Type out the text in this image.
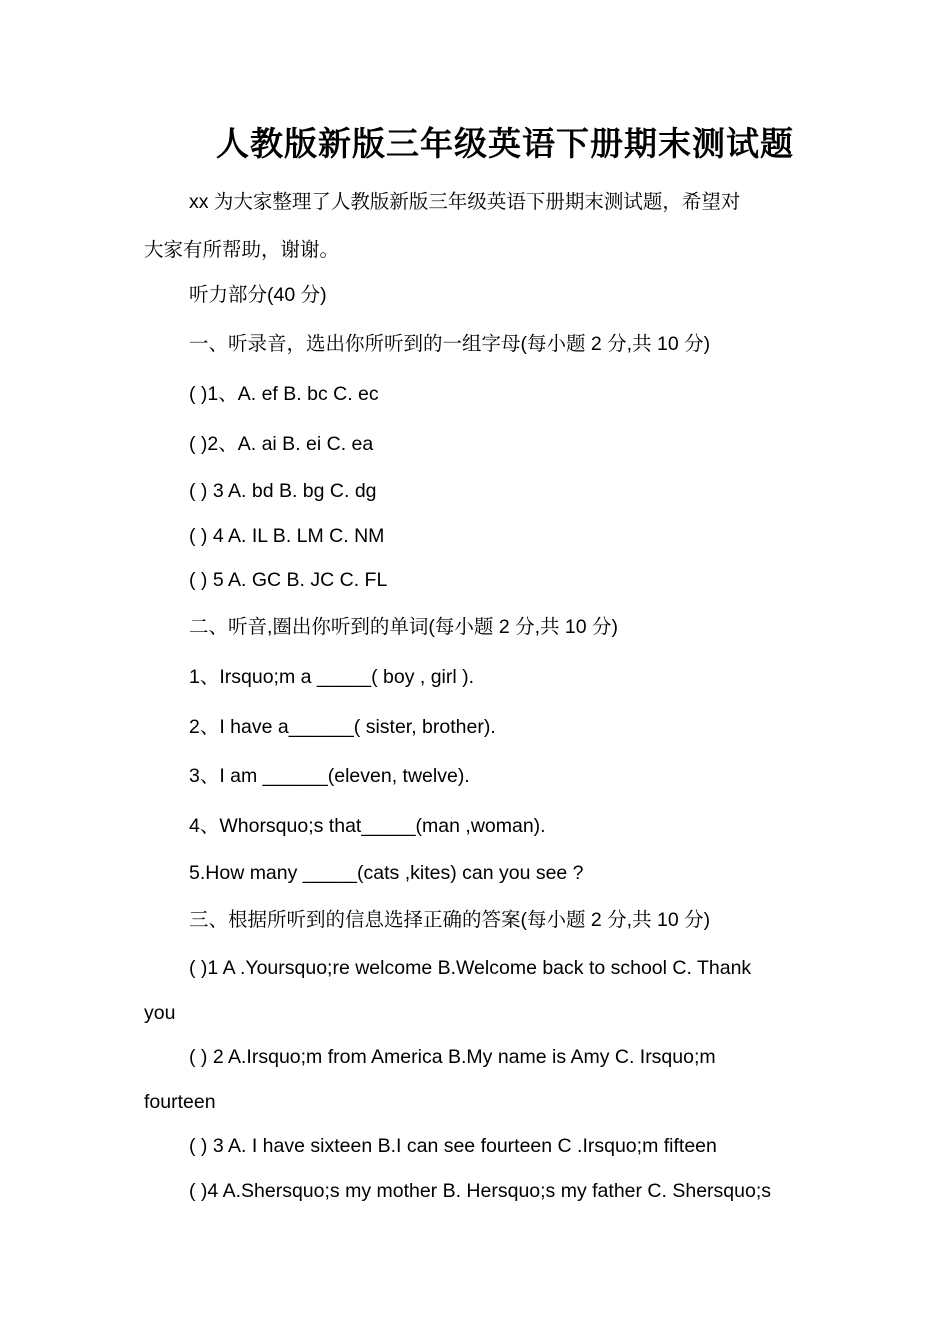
人教版新版三年级英语下册期末测试题
xx 为大家整理了人教版新版三年级英语下册期末测试题，希望对
大家有所帮助，谢谢。
听力部分(40 分)
一、听录音，选出你所听到的一组字母(每小题 2 分,共 10 分)
( )1、A. ef B. bc C. ec
( )2、A. ai B. ei C. ea
( ) 3 A. bd B. bg C. dg
( ) 4 A. IL B. LM C. NM
( ) 5 A. GC B. JC C. FL
二、听音,圈出你听到的单词(每小题 2 分,共 10 分)
1、Irsquo;m a _____( boy , girl ).
2、I have a______( sister, brother).
3、I am ______(eleven, twelve).
4、Whorsquo;s that_____(man ,woman).
5.How many _____(cats ,kites) can you see ?
三、根据所听到的信息选择正确的答案(每小题 2 分,共 10 分)
( )1 A .Yoursquo;re welcome B.Welcome back to school C. Thank
you
( ) 2 A.Irsquo;m from America B.My name is Amy C. Irsquo;m
fourteen
( ) 3 A. I have sixteen B.I can see fourteen C .Irsquo;m fifteen
( )4 A.Shersquo;s my mother B. Hersquo;s my father C. Shersquo;s
